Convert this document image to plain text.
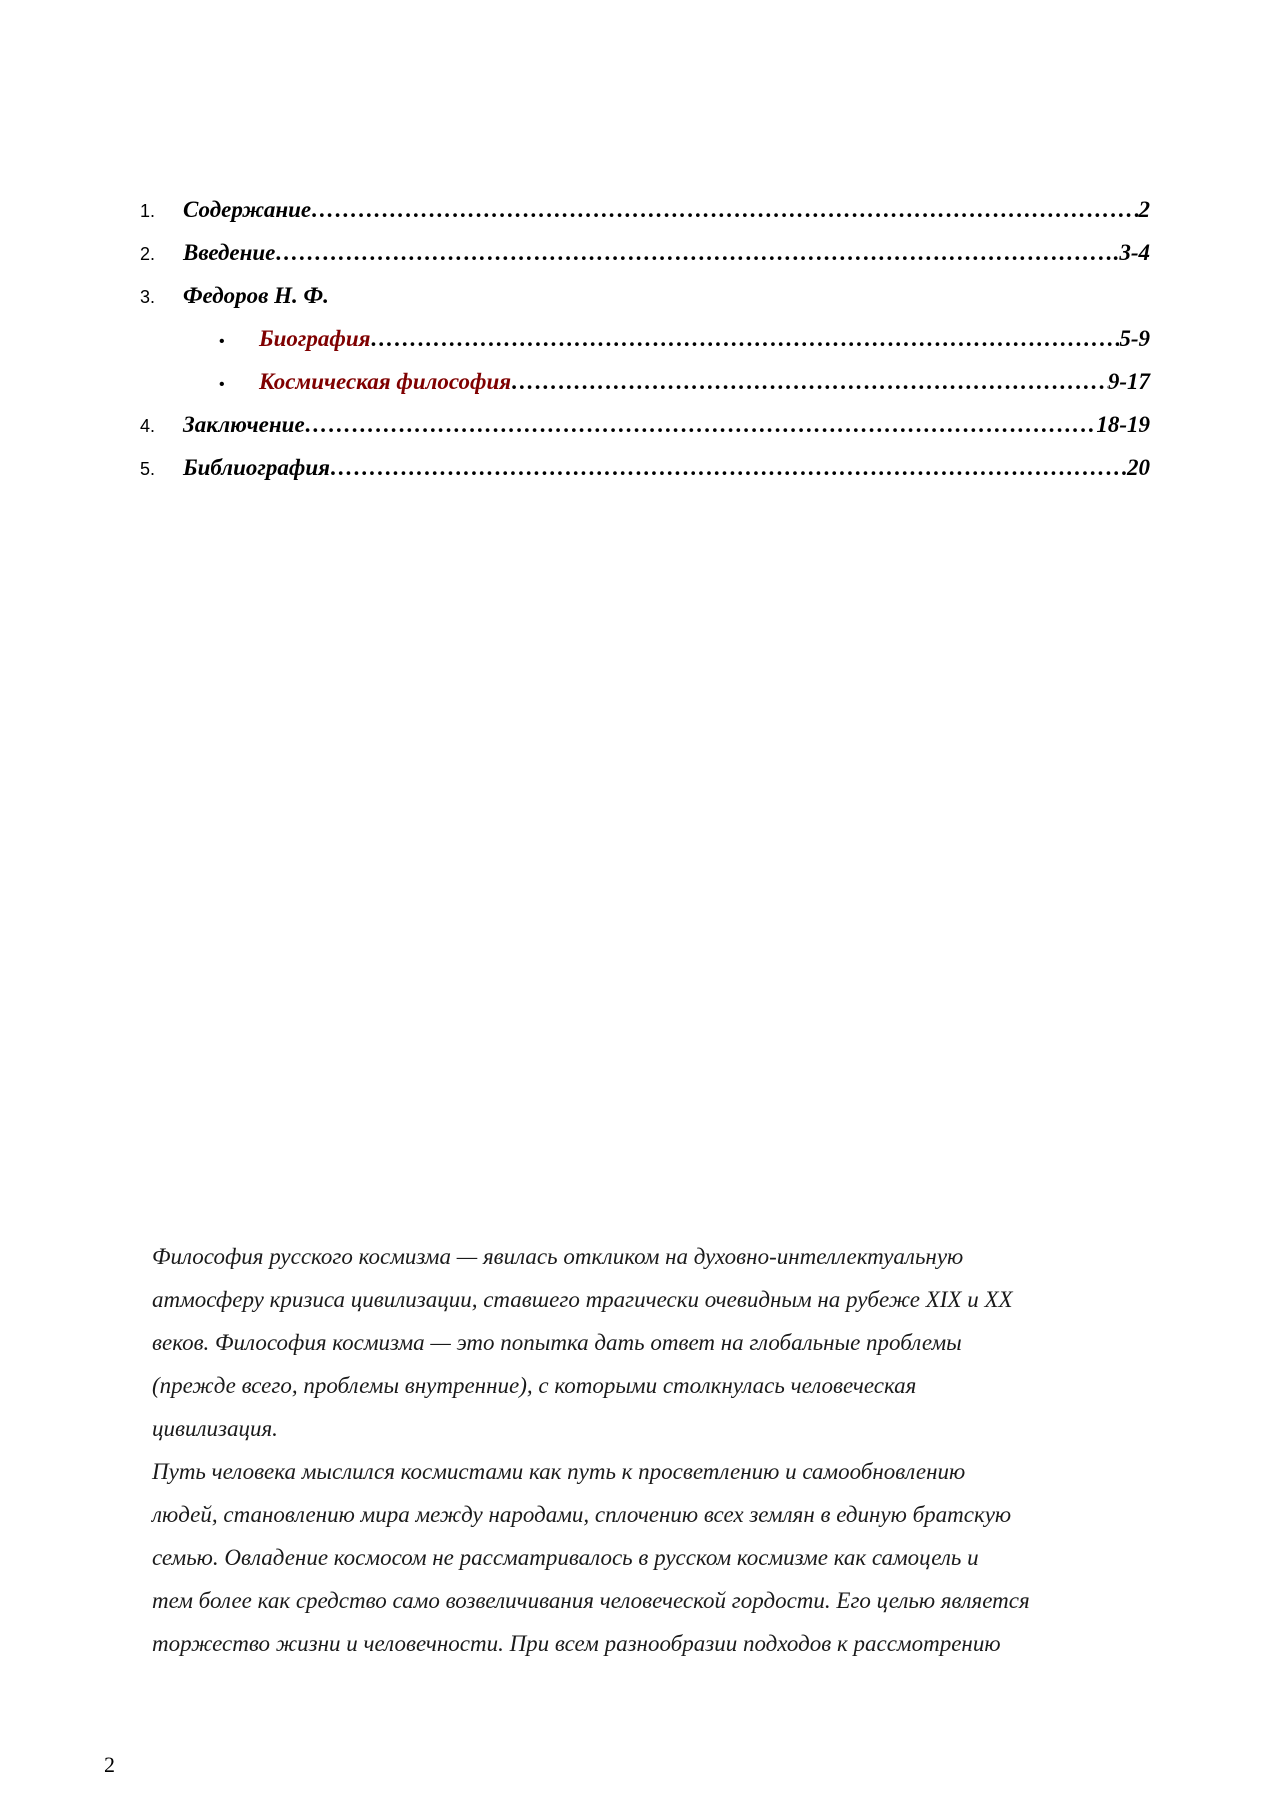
1.	Содержание ………………………………………………………………………………………………………………………………………………………………	2
2.	Введение ………………………………………………………………………………………………………………………………………………………………	.3-4
3.	Федоров Н. Ф.
•	Биография ………………………………………………………………………………………………………………………………………………………………	5-9
•	Космическая философия ………………………………………………………………………………………………………………………………………………………………	9-17
4.	Заключение ………………………………………………………………………………………………………………………………………………………………	18-19
5.	Библиография ………………………………………………………………………………………………………………………………………………………………	20

Философия русского космизма — явилась откликом на духовно-интеллектуальную
атмосферу кризиса цивилизации, ставшего трагически очевидным на рубеже XIX и XX
веков. Философия космизма — это попытка дать ответ на глобальные проблемы
(прежде всего, проблемы внутренние), с которыми столкнулась человеческая
цивилизация.

Путь человека мыслился космистами как путь к просветлению и самообновлению
людей, становлению мира между народами, сплочению всех землян в единую братскую
семью. Овладение космосом не рассматривалось в русском космизме как самоцель и
тем более как средство само возвеличивания человеческой гордости. Его целью является
торжество жизни и человечности. При всем разнообразии подходов к рассмотрению

2
